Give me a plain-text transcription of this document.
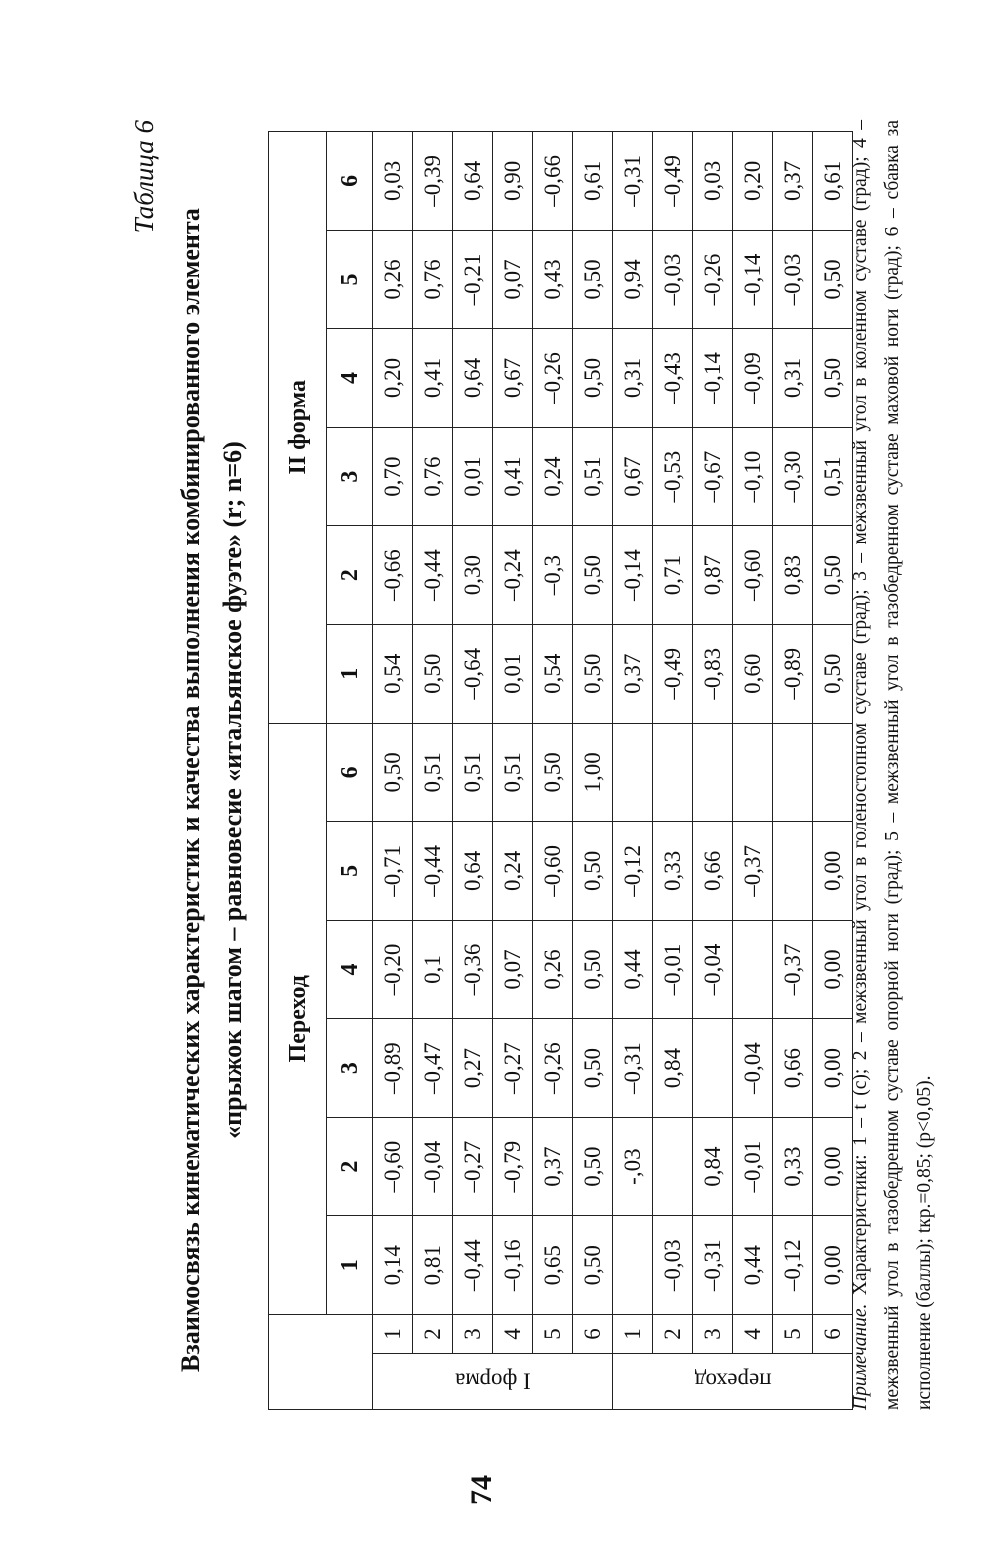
74
Таблица 6
Взаимосвязь кинематических характеристик и качества выполнения комбинированного элемента «прыжок шагом – равновесие «итальянское фуэте» (r; n=6)
		Переход						II форма					
		1	2	3	4	5	6	1	2	3	4	5	6

I форма	1	0,14	–0,60	–0,89	–0,20	–0,71	0,50	0,54	–0,66	0,70	0,20	0,26	0,03
	2	0,81	–0,04	–0,47	0,1	–0,44	0,51	0,50	–0,44	0,76	0,41	0,76	–0,39
	3	–0,44	–0,27	0,27	–0,36	0,64	0,51	–0,64	0,30	0,01	0,64	–0,21	0,64
	4	–0,16	–0,79	–0,27	0,07	0,24	0,51	0,01	–0,24	0,41	0,67	0,07	0,90
	5	0,65	0,37	–0,26	0,26	–0,60	0,50	0,54	–0,3	0,24	–0,26	0,43	–0,66
	6	0,50	0,50	0,50	0,50	0,50	1,00	0,50	0,50	0,51	0,50	0,50	0,61

переход	1		-,03	–0,31	0,44	–0,12		0,37	–0,14	0,67	0,31	0,94	–0,31
	2	–0,03		0,84	–0,01	0,33		–0,49	0,71	–0,53	–0,43	–0,03	–0,49
	3	–0,31	0,84		–0,04	0,66		–0,83	0,87	–0,67	–0,14	–0,26	0,03
	4	0,44	–0,01	–0,04		–0,37		0,60	–0,60	–0,10	–0,09	–0,14	0,20
	5	–0,12	0,33	0,66	–0,37			–0,89	0,83	–0,30	0,31	–0,03	0,37
	6	0,00	0,00	0,00	0,00	0,00		0,50	0,50	0,51	0,50	0,50	0,61
Примечание. Характеристики: 1 – t (c); 2 – межзвенный угол в голеностопном суставе (град); 3 – межзвенный угол в коленном суставе (град); 4 – межзвенный угол в тазобедренном суставе опорной ноги (град); 5 – межзвенный угол в тазобедренном суставе маховой ноги (град); 6 – сбавка за исполнение (баллы); tкр.=0,85; (p<0,05).
